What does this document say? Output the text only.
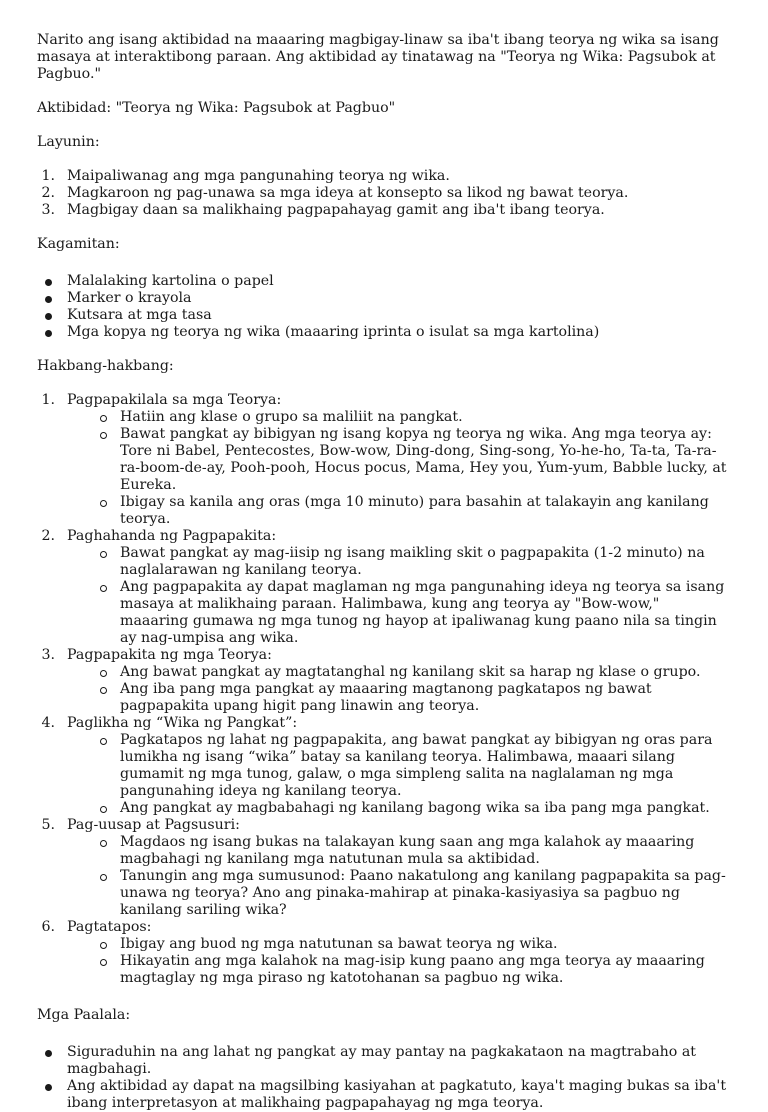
Narito ang isang aktibidad na maaaring magbigay-linaw sa iba't ibang teorya ng wika sa isang masaya at interaktibong paraan. Ang aktibidad ay tinatawag na "Teorya ng Wika: Pagsubok at Pagbuo."

Aktibidad: "Teorya ng Wika: Pagsubok at Pagbuo"

Layunin:

1 .	Maipaliwanag ang mga pangunahing teorya ng wika.
2 .	Magkaroon ng pag-unawa sa mga ideya at konsepto sa likod ng bawat teorya.
3 .	Magbigay daan sa malikhaing pagpapahayag gamit ang iba't ibang teorya.

Kagamitan:

Malalaking kartolina o papel
Marker o krayola
Kutsara at mga tasa
Mga kopya ng teorya ng wika (maaaring iprinta o isulat sa mga kartolina)

Hakbang-hakbang:

1 .	Pagpapakilala sa mga Teorya:
Hatiin ang klase o grupo sa maliliit na pangkat.
Bawat pangkat ay bibigyan ng isang kopya ng teorya ng wika. Ang mga teorya ay: Tore ni Babel, Pentecostes, Bow-wow, Ding-dong, Sing-song, Yo-he-ho, Ta-ta, Ta-ra-ra-boom-de-ay, Pooh-pooh, Hocus pocus, Mama, Hey you, Yum-yum, Babble lucky, at Eureka.
Ibigay sa kanila ang oras (mga 10 minuto) para basahin at talakayin ang kanilang teorya.
2 .	Paghahanda ng Pagpapakita:
Bawat pangkat ay mag-iisip ng isang maikling skit o pagpapakita (1-2 minuto) na naglalarawan ng kanilang teorya.
Ang pagpapakita ay dapat maglaman ng mga pangunahing ideya ng teorya sa isang masaya at malikhaing paraan. Halimbawa, kung ang teorya ay "Bow-wow," maaaring gumawa ng mga tunog ng hayop at ipaliwanag kung paano nila sa tingin ay nag-umpisa ang wika.
3 .	Pagpapakita ng mga Teorya:
Ang bawat pangkat ay magtatanghal ng kanilang skit sa harap ng klase o grupo.
Ang iba pang mga pangkat ay maaaring magtanong pagkatapos ng bawat pagpapakita upang higit pang linawin ang teorya.
4 .	Paglikha ng “Wika ng Pangkat”:
Pagkatapos ng lahat ng pagpapakita, ang bawat pangkat ay bibigyan ng oras para lumikha ng isang “wika” batay sa kanilang teorya. Halimbawa, maaari silang gumamit ng mga tunog, galaw, o mga simpleng salita na naglalaman ng mga pangunahing ideya ng kanilang teorya.
Ang pangkat ay magbabahagi ng kanilang bagong wika sa iba pang mga pangkat.
5 .	Pag-uusap at Pagsusuri:
Magdaos ng isang bukas na talakayan kung saan ang mga kalahok ay maaaring magbahagi ng kanilang mga natutunan mula sa aktibidad.
Tanungin ang mga sumusunod: Paano nakatulong ang kanilang pagpapakita sa pag-unawa ng teorya? Ano ang pinaka-mahirap at pinaka-kasiyasiya sa pagbuo ng kanilang sariling wika?
6 .	Pagtatapos:
Ibigay ang buod ng mga natutunan sa bawat teorya ng wika.
Hikayatin ang mga kalahok na mag-isip kung paano ang mga teorya ay maaaring magtaglay ng mga piraso ng katotohanan sa pagbuo ng wika.

Mga Paalala:

Siguraduhin na ang lahat ng pangkat ay may pantay na pagkakataon na magtrabaho at magbahagi.
Ang aktibidad ay dapat na magsilbing kasiyahan at pagkatuto, kaya't maging bukas sa iba't ibang interpretasyon at malikhaing pagpapahayag ng mga teorya.
